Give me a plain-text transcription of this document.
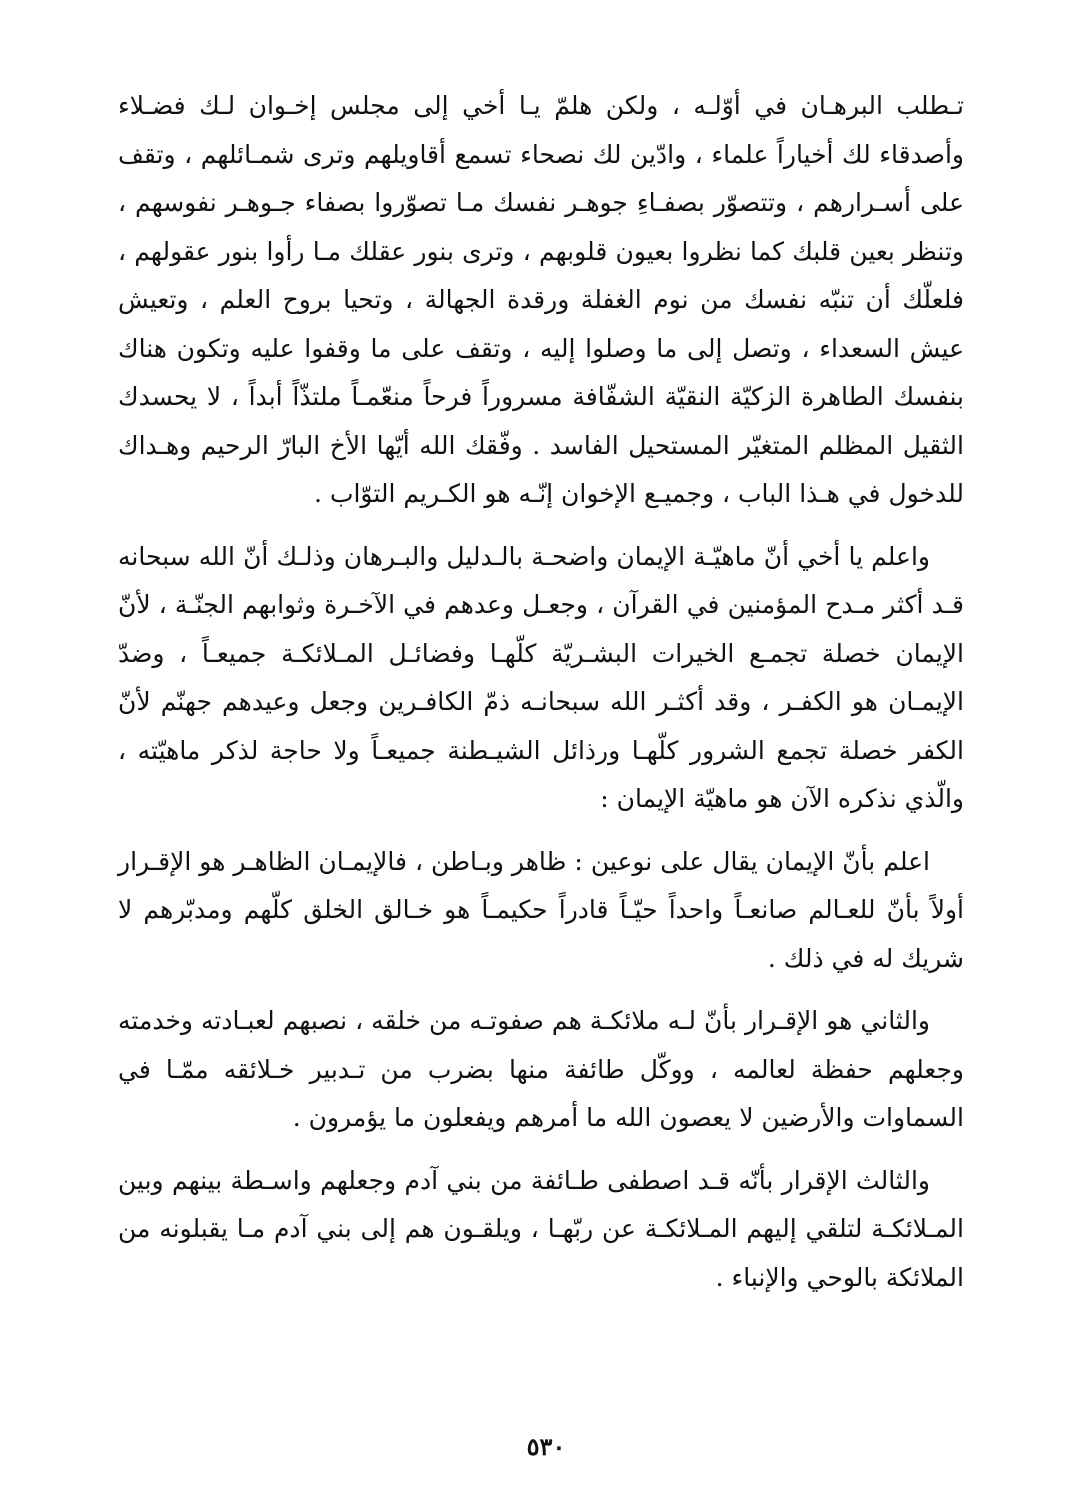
تـطلب البرهـان في أوّلـه ، ولكن هلمّ يـا أخي إلى مجلس إخـوان لـك فضـلاء وأصدقاء لك أخياراً علماء ، وادّين لك نصحاء تسمع أقاويلهم وترى شمـائلهم ، وتقف على أسـرارهم ، وتتصوّر بصفـاءِ جوهـر نفسك مـا تصوّروا بصفاء جـوهـر نفوسهم ، وتنظر بعين قلبك كما نظروا بعيون قلوبهم ، وترى بنور عقلك مـا رأوا بنور عقولهم ، فلعلّك أن تنبّه نفسك من نوم الغفلة ورقدة الجهالة ، وتحيا بروح العلم ، وتعيش عيش السعداء ، وتصل إلى ما وصلوا إليه ، وتقف على ما وقفوا عليه وتكون هناك بنفسك الطاهرة الزكيّة النقيّة الشفّافة مسروراً فرحاً منعّمـاً ملتذّاً أبداً ، لا يحسدك الثقيل المظلم المتغيّر المستحيل الفاسد . وفّقك الله أيّها الأخ البارّ الرحيم وهـداك للدخول في هـذا الباب ، وجميـع الإخوان إنّـه هو الكـريم التوّاب .

واعلم يا أخي أنّ ماهيّـة الإيمان واضحـة بالـدليل والبـرهان وذلـك أنّ الله سبحانه قـد أكثر مـدح المؤمنين في القرآن ، وجعـل وعدهم في الآخـرة وثوابهم الجنّـة ، لأنّ الإيمان خصلة تجمـع الخيرات البشـريّة كلّهـا وفضائـل المـلائكـة جميعـاً ، وضدّ الإيمـان هو الكفـر ، وقد أكثـر الله سبحانـه ذمّ الكافـرين وجعل وعيدهم جهنّم لأنّ الكفر خصلة تجمع الشرور كلّهـا ورذائل الشيـطنة جميعـاً ولا حاجة لذكر ماهيّته ، والّذي نذكره الآن هو ماهيّة الإيمان :

اعلم بأنّ الإيمان يقال على نوعين : ظاهر وبـاطن ، فالإيمـان الظاهـر هو الإقـرار أولاً بأنّ للعـالم صانعـاً واحداً حيّـاً قادراً حكيمـاً هو خـالق الخلق كلّهم ومدبّرهم لا شريك له في ذلك .

والثاني هو الإقـرار بأنّ لـه ملائكـة هم صفوتـه من خلقه ، نصبهم لعبـادته وخدمته وجعلهم حفظة لعالمه ، ووكّل طائفة منها بضرب من تـدبير خـلائقه ممّـا في السماوات والأرضين لا يعصون الله ما أمرهم ويفعلون ما يؤمرون .

والثالث الإقرار بأنّه قـد اصطفى طـائفة من بني آدم وجعلهم واسـطة بينهم وبين المـلائكـة لتلقي إليهم المـلائكـة عن ربّهـا ، ويلقـون هم إلى بني آدم مـا يقبلونه من الملائكة بالوحي والإنباء .

٥٣٠
